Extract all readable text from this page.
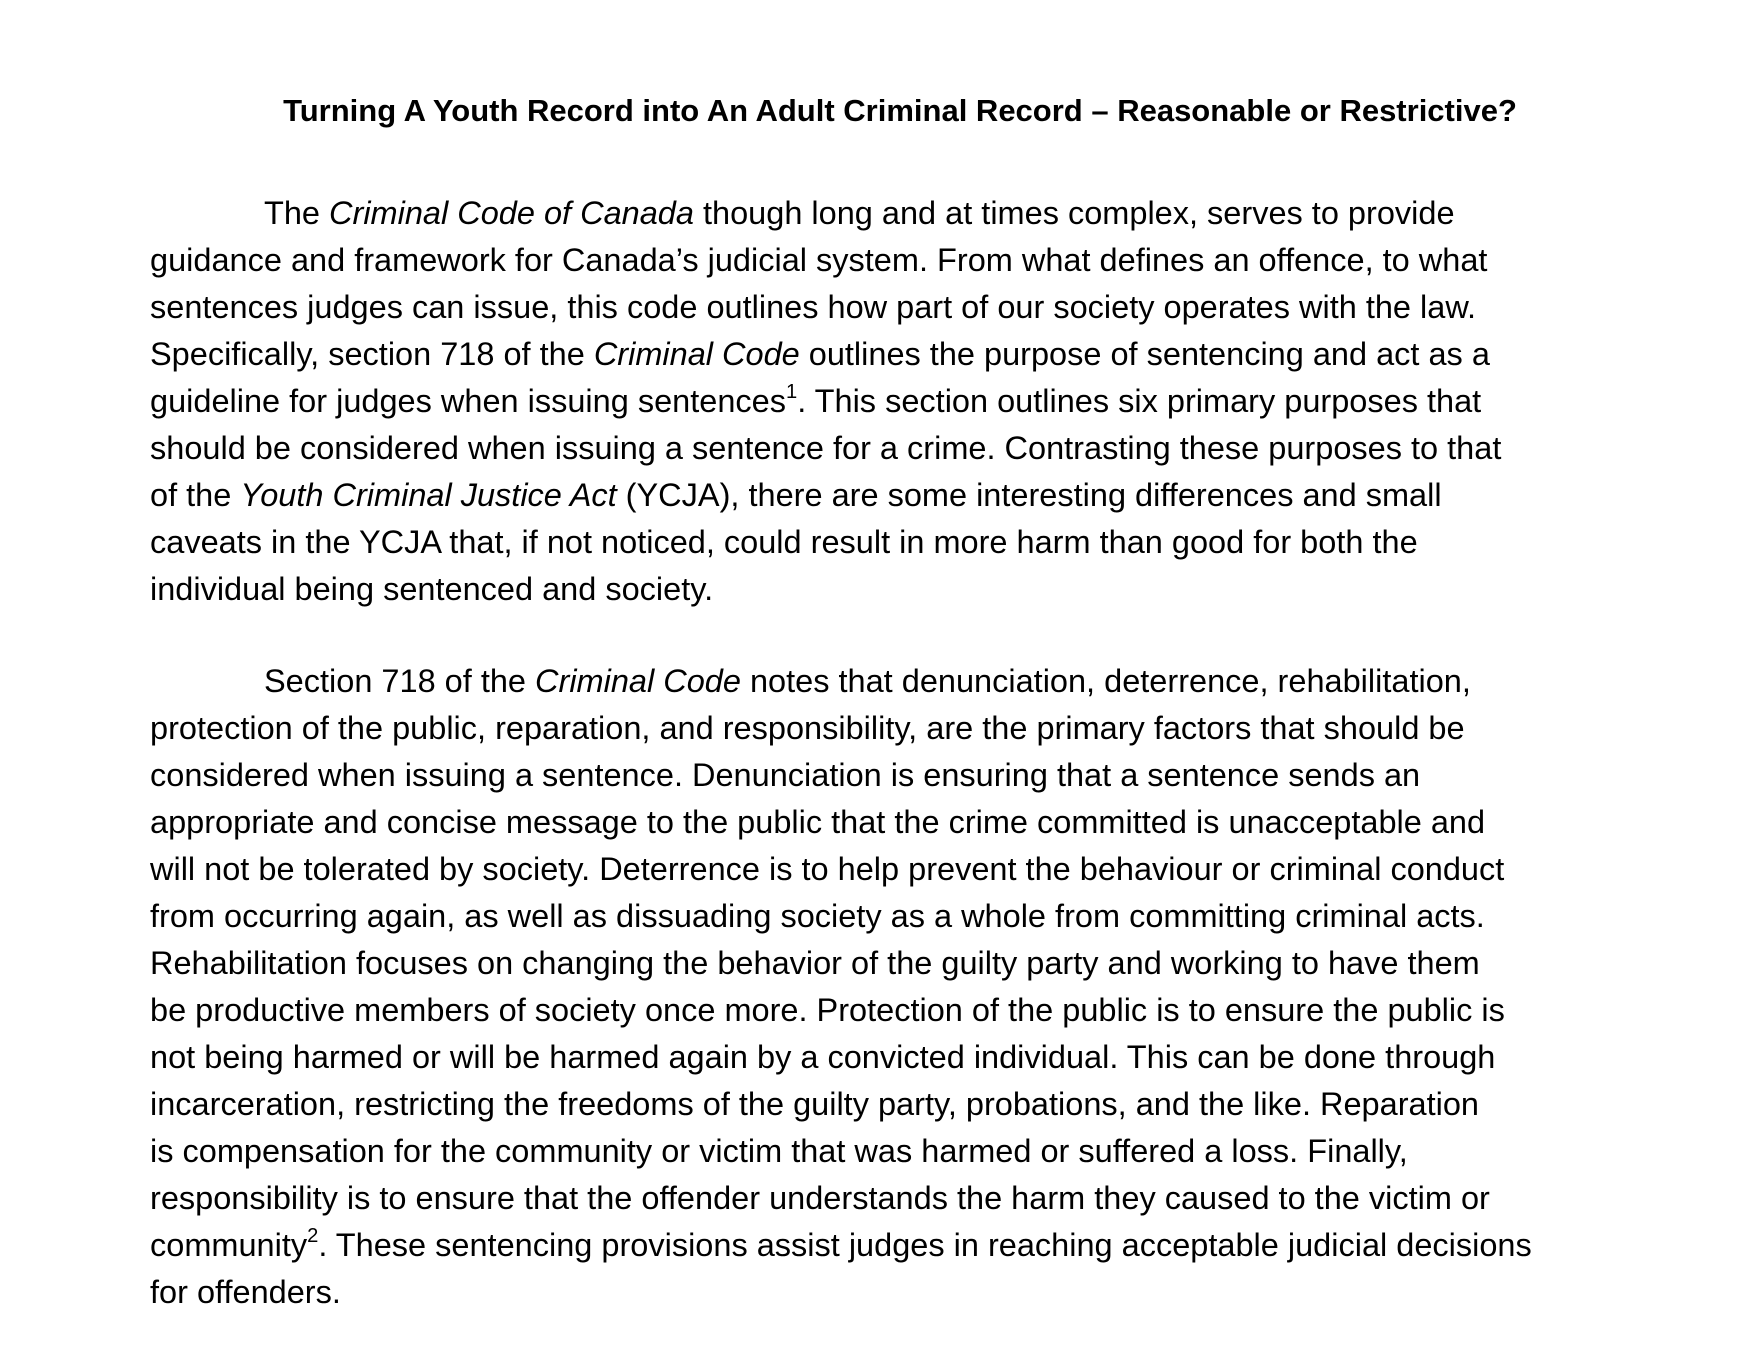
Turning A Youth Record into An Adult Criminal Record – Reasonable or Restrictive?
The Criminal Code of Canada though long and at times complex, serves to provide
guidance and framework for Canada’s judicial system. From what defines an offence, to what
sentences judges can issue, this code outlines how part of our society operates with the law.
Specifically, section 718 of the Criminal Code outlines the purpose of sentencing and act as a
guideline for judges when issuing sentences$^1$. This section outlines six primary purposes that
should be considered when issuing a sentence for a crime. Contrasting these purposes to that
of the Youth Criminal Justice Act (YCJA), there are some interesting differences and small
caveats in the YCJA that, if not noticed, could result in more harm than good for both the
individual being sentenced and society.
Section 718 of the Criminal Code notes that denunciation, deterrence, rehabilitation,
protection of the public, reparation, and responsibility, are the primary factors that should be
considered when issuing a sentence. Denunciation is ensuring that a sentence sends an
appropriate and concise message to the public that the crime committed is unacceptable and
will not be tolerated by society. Deterrence is to help prevent the behaviour or criminal conduct
from occurring again, as well as dissuading society as a whole from committing criminal acts.
Rehabilitation focuses on changing the behavior of the guilty party and working to have them
be productive members of society once more. Protection of the public is to ensure the public is
not being harmed or will be harmed again by a convicted individual. This can be done through
incarceration, restricting the freedoms of the guilty party, probations, and the like. Reparation
is compensation for the community or victim that was harmed or suffered a loss. Finally,
responsibility is to ensure that the offender understands the harm they caused to the victim or
community$^2$. These sentencing provisions assist judges in reaching acceptable judicial decisions
for offenders.
